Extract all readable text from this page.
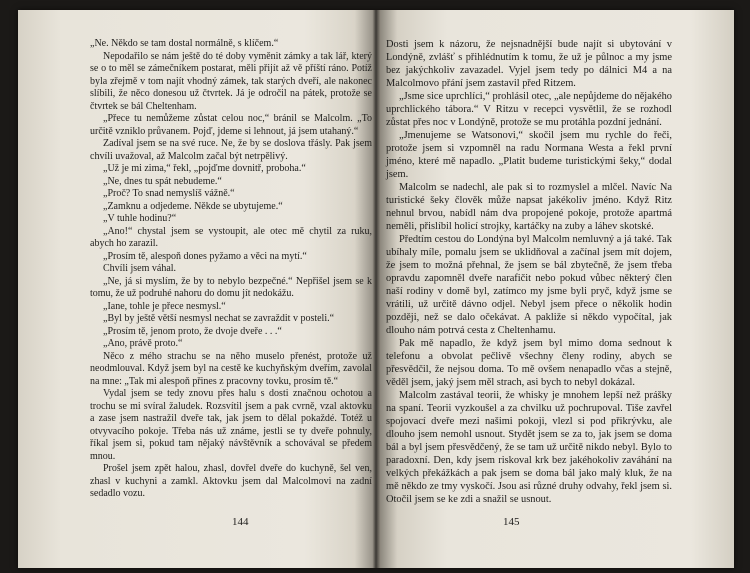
„Ne. Někdo se tam dostal normálně, s klíčem.“

Nepodařilo se nám ještě do té doby vyměnit zámky a tak lář, který se o to měl se zámečníkem postarat, měli přijít až vě příští ráno. Potíž byla zřejmě v tom najít vhodný zámek, tak starých dveří, ale nakonec slíbili, že něco donesou už čtvrtek. Já je odročil na pátek, protože se čtvrtek se bál Cheltenham.

„Přece tu nemůžeme zůstat celou noc,“ bránil se Malcolm. „To určitě vzniklo průvanem. Pojď, jdeme si lehnout, já jsem utahaný.“

Zadíval jsem se na své ruce. Ne, že by se doslova třásly. Pak jsem chvíli uvažoval, až Malcolm začal být netrpělivý.

„Už je mi zima,“ řekl, „pojďme dovnitř, proboha.“

„Ne, dnes tu spát nebudeme.“

„Proč? To snad nemyslíš vážně.“

„Zamknu a odjedeme. Někde se ubytujeme.“

„V tuhle hodinu?“

„Ano!“ chystal jsem se vystoupit, ale otec mě chytil za ruku, abych ho zarazil.

„Prosím tě, alespoň dones pyžamo a věci na mytí.“

Chvíli jsem váhal.

„Ne, já si myslím, že by to nebylo bezpečné.“ Nepřišel jsem se k tomu, že už podruhé nahoru do domu jít nedokážu.

„Iane, tohle je přece nesmysl.“

„Byl by ještě větší nesmysl nechat se zavraždit v posteli.“

„Prosím tě, jenom proto, že dvoje dveře . . .“

„Ano, právě proto.“

Něco z mého strachu se na něho muselo přenést, protože už neodmlouval. Když jsem byl na cestě ke kuchyňským dveřím, zavolal na mne: „Tak mi alespoň přines z pracovny tovku, prosím tě.“

Vydal jsem se tedy znovu přes halu s dosti značnou ochotou a trochu se mi svíral žaludek. Rozsvítil jsem a pak cvrně, vzal aktovku a zase jsem nastražil dveře tak, jak jsem to dělal pokaždé. Totéž u otvyvacího pokoje. Třeba nás už známe, jestli se ty dveře pohnuly, říkal jsem si, pokud tam nějaký návštěvník a schovával se předem mnou.

Prošel jsem zpět halou, zhasl, dovřel dveře do kuchyně, šel ven, zhasl v kuchyni a zamkl. Aktovku jsem dal Malcolmovi na zadní sedadlo vozu.

144

Dosti jsem k názoru, že nejsnadnější bude najít si ubytování v Londýně, zvlášť s přihlédnutím k tomu, že už je půlnoc a my jsme bez jakýchkoliv zavazadel. Vyjel jsem tedy po dálnici M4 a na Malcolmovo přání jsem zastavil před Ritzem.

„Jsme sice uprchlíci,“ prohlásil otec, „ale nepůjdeme do nějakého uprchlického tábora.“ V Ritzu v recepci vysvětlil, že se rozhodl zůstat přes noc v Londýně, protože se mu protáhla pozdní jednání.

„Jmenujeme se Watsonovi,“ skočil jsem mu rychle do řeči, protože jsem si vzpomněl na radu Normana Westa a řekl první jméno, které mě napadlo. „Platit budeme turistickými šeky,“ dodal jsem.

Malcolm se nadechl, ale pak si to rozmyslel a mlčel. Navíc Na turistické šeky člověk může napsat jakékoliv jméno. Když Ritz nehnul brvou, nabídl nám dva propojené pokoje, protože apartmá neměli, přislíbil holicí strojky, kartáčky na zuby a láhev skotské.

Předtím cestou do Londýna byl Malcolm nemluvný a já také. Tak ubíhaly míle, pomalu jsem se uklidňoval a začínal jsem mít dojem, že jsem to možná přehnal, že jsem se bál zbytečně, že jsem třeba opravdu zapomněl dveře narafičit nebo pokud vůbec některý člen naší rodiny v domě byl, zatímco my jsme byli pryč, když jsme se vrátili, už určitě dávno odjel. Nebyl jsem přece o několik hodin později, než se dalo očekávat. A pakliže si někdo vypočítal, jak dlouho nám potrvá cesta z Cheltenhamu.

Pak mě napadlo, že když jsem byl mimo doma sednout k telefonu a obvolat pečlivě všechny členy rodiny, abych se přesvědčil, že nejsou doma. To mě ovšem nenapadlo včas a stejně, věděl jsem, jaký jsem měl strach, asi bych to nebyl dokázal.

Malcolm zastával teorii, že whisky je mnohem lepší než prášky na spaní. Teorii vyzkoušel a za chvilku už pochrupoval. Tiše zavřel spojovací dveře mezi našimi pokoji, vlezl si pod přikrývku, ale dlouho jsem nemohl usnout. Stydět jsem se za to, jak jsem se doma bál a byl jsem přesvědčený, že se tam už určitě nikdo nebyl. Bylo to paradoxní. Den, kdy jsem riskoval krk bez jakéhokoliv zaváhání na velkých překážkách a pak jsem se doma bál jako malý kluk, že na mě někdo ze tmy vyskočí. Jsou asi různé druhy odvahy, řekl jsem si. Otočil jsem se ke zdi a snažil se usnout.

145
